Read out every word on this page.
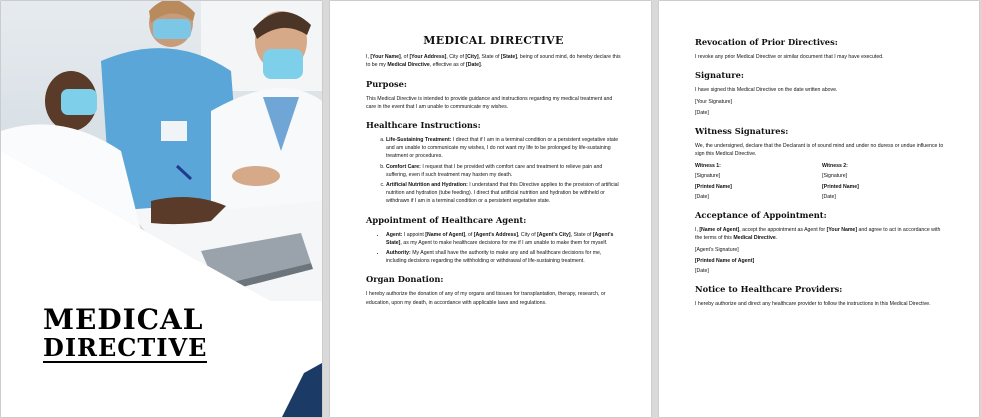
MEDICAL
DIRECTIVE
MEDICAL DIRECTIVE

I, [Your Name], of [Your Address], City of [City], State of [State], being of sound mind, do hereby declare this to be my Medical Directive, effective as of [Date].

Purpose:

This Medical Directive is intended to provide guidance and instructions regarding my medical treatment and care in the event that I am unable to communicate my wishes.

Healthcare Instructions:
a. Life-Sustaining Treatment: I direct that if I am in a terminal condition or a persistent vegetative state and am unable to communicate my wishes, I do not want my life to be prolonged by life-sustaining treatment or procedures.
b. Comfort Care: I request that I be provided with comfort care and treatment to relieve pain and suffering, even if such treatment may hasten my death.
c. Artificial Nutrition and Hydration: I understand that this Directive applies to the provision of artificial nutrition and hydration (tube feeding). I direct that artificial nutrition and hydration be withheld or withdrawn if I am in a terminal condition or a persistent vegetative state.
Appointment of Healthcare Agent:
• Agent: I appoint [Name of Agent], of [Agent's Address], City of [Agent's City], State of [Agent's State], as my Agent to make healthcare decisions for me if I am unable to make them for myself.
• Authority: My Agent shall have the authority to make any and all healthcare decisions for me, including decisions regarding the withholding or withdrawal of life-sustaining treatment.
Organ Donation:

I hereby authorize the donation of any of my organs and tissues for transplantation, therapy, research, or education, upon my death, in accordance with applicable laws and regulations.

Revocation of Prior Directives:

I revoke any prior Medical Directive or similar document that I may have executed.

Signature:

I have signed this Medical Directive on the date written above.

[Your Signature]

[Date]

Witness Signatures:

We, the undersigned, declare that the Declarant is of sound mind and under no duress or undue influence to sign this Medical Directive.

Witness 1:	Witness 2:
[Signature]	[Signature]
[Printed Name]	[Printed Name]
[Date]	[Date]
Acceptance of Appointment:

I, [Name of Agent], accept the appointment as Agent for [Your Name] and agree to act in accordance with the terms of this Medical Directive.

[Agent's Signature]

[Printed Name of Agent]

[Date]

Notice to Healthcare Providers:

I hereby authorize and direct any healthcare provider to follow the instructions in this Medical Directive.
